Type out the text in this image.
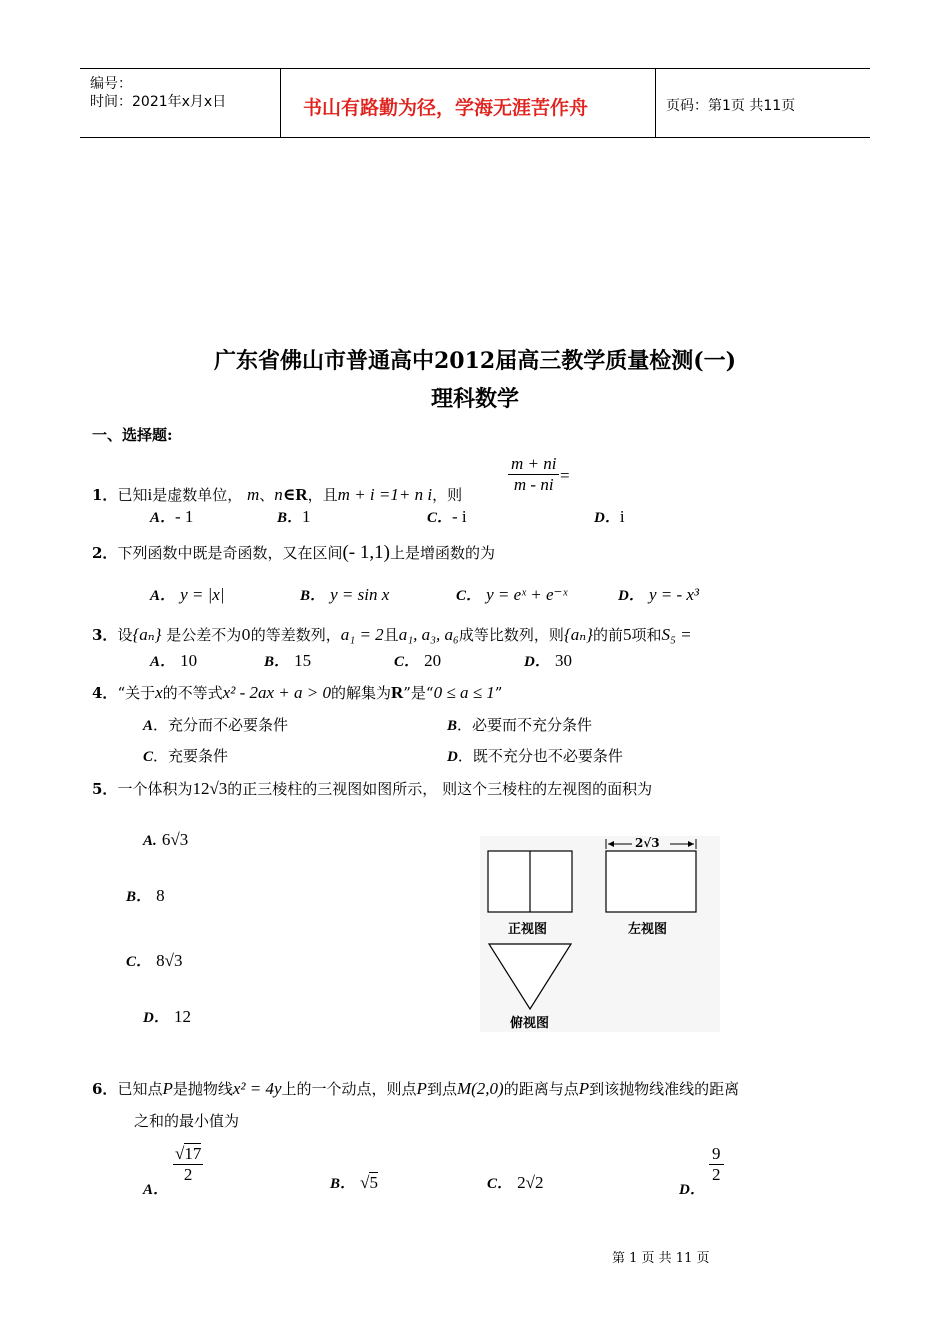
编号：
时间：2021年x月x日	书山有路勤为径，学海无涯苦作舟	页码：第1页 共11页
广东省佛山市普通高中2012届高三教学质量检测(一)
理科数学
一、选择题:
1．已知i是虚数单位， m、n∈R，且m + i =1+ n i，则	$\frac{m + ni}{m - ni}$ =
A．- 1	B．1	C．- i	D．i
2．下列函数中既是奇函数，又在区间(- 1,1)上是增函数的为
A． y = |x|	B． y = sin x	C． y = eˣ + e⁻ˣ	D． y = - x³
3．设{aₙ} 是公差不为0的等差数列，a₁ = 2且a₁, a₃, a₆成等比数列，则{aₙ}的前5项和S₅ =
A． 10	B． 15	C． 20	D． 30
4．“关于x的不等式x² - 2ax + a > 0的解集为R”是“0 ≤ a ≤ 1”
A．充分而不必要条件	B．必要而不充分条件
C．充要条件	D．既不充分也不必要条件
5．一个体积为12√3的正三棱柱的三视图如图所示， 则这个三棱柱的左视图的面积为
A. 6√3
B． 8
C． 8√3
D． 12
2√3
正视图	左视图
俯视图
6．已知点P是抛物线x² = 4y上的一个动点，则点P到点M(2,0)的距离与点P到该抛物线准线的距离
之和的最小值为
A．
√17
2	B． √5	C． 2√2	D．
9
2
第 1 页 共 11 页
